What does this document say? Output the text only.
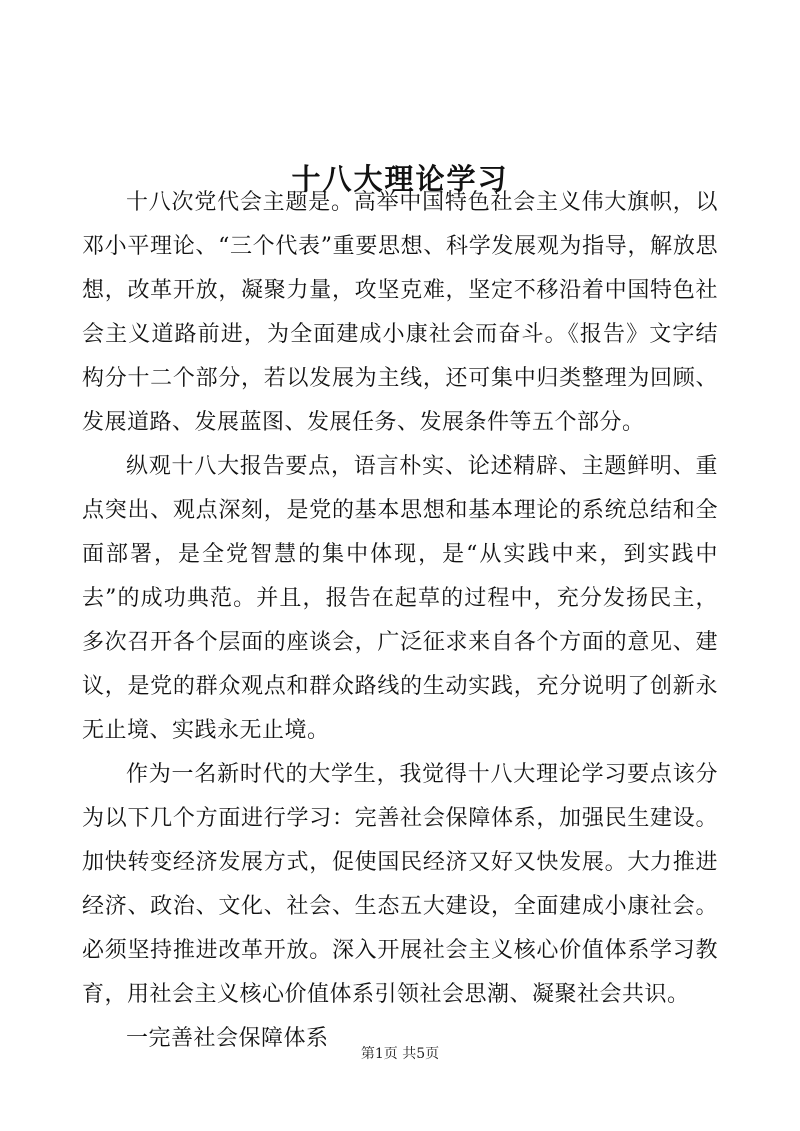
十八大理论学习

十八次党代会主题是。高举中国特色社会主义伟大旗帜，以邓小平理论、“三个代表”重要思想、科学发展观为指导，解放思想，改革开放，凝聚力量，攻坚克难，坚定不移沿着中国特色社会主义道路前进，为全面建成小康社会而奋斗。《报告》文字结构分十二个部分，若以发展为主线，还可集中归类整理为回顾、发展道路、发展蓝图、发展任务、发展条件等五个部分。

纵观十八大报告要点，语言朴实、论述精辟、主题鲜明、重点突出、观点深刻，是党的基本思想和基本理论的系统总结和全面部署，是全党智慧的集中体现，是“从实践中来，到实践中去”的成功典范。并且，报告在起草的过程中，充分发扬民主，多次召开各个层面的座谈会，广泛征求来自各个方面的意见、建议，是党的群众观点和群众路线的生动实践，充分说明了创新永无止境、实践永无止境。

作为一名新时代的大学生，我觉得十八大理论学习要点该分为以下几个方面进行学习：完善社会保障体系，加强民生建设。加快转变经济发展方式，促使国民经济又好又快发展。大力推进经济、政治、文化、社会、生态五大建设，全面建成小康社会。必须坚持推进改革开放。深入开展社会主义核心价值体系学习教育，用社会主义核心价值体系引领社会思潮、凝聚社会共识。

一完善社会保障体系

第1页 共5页
